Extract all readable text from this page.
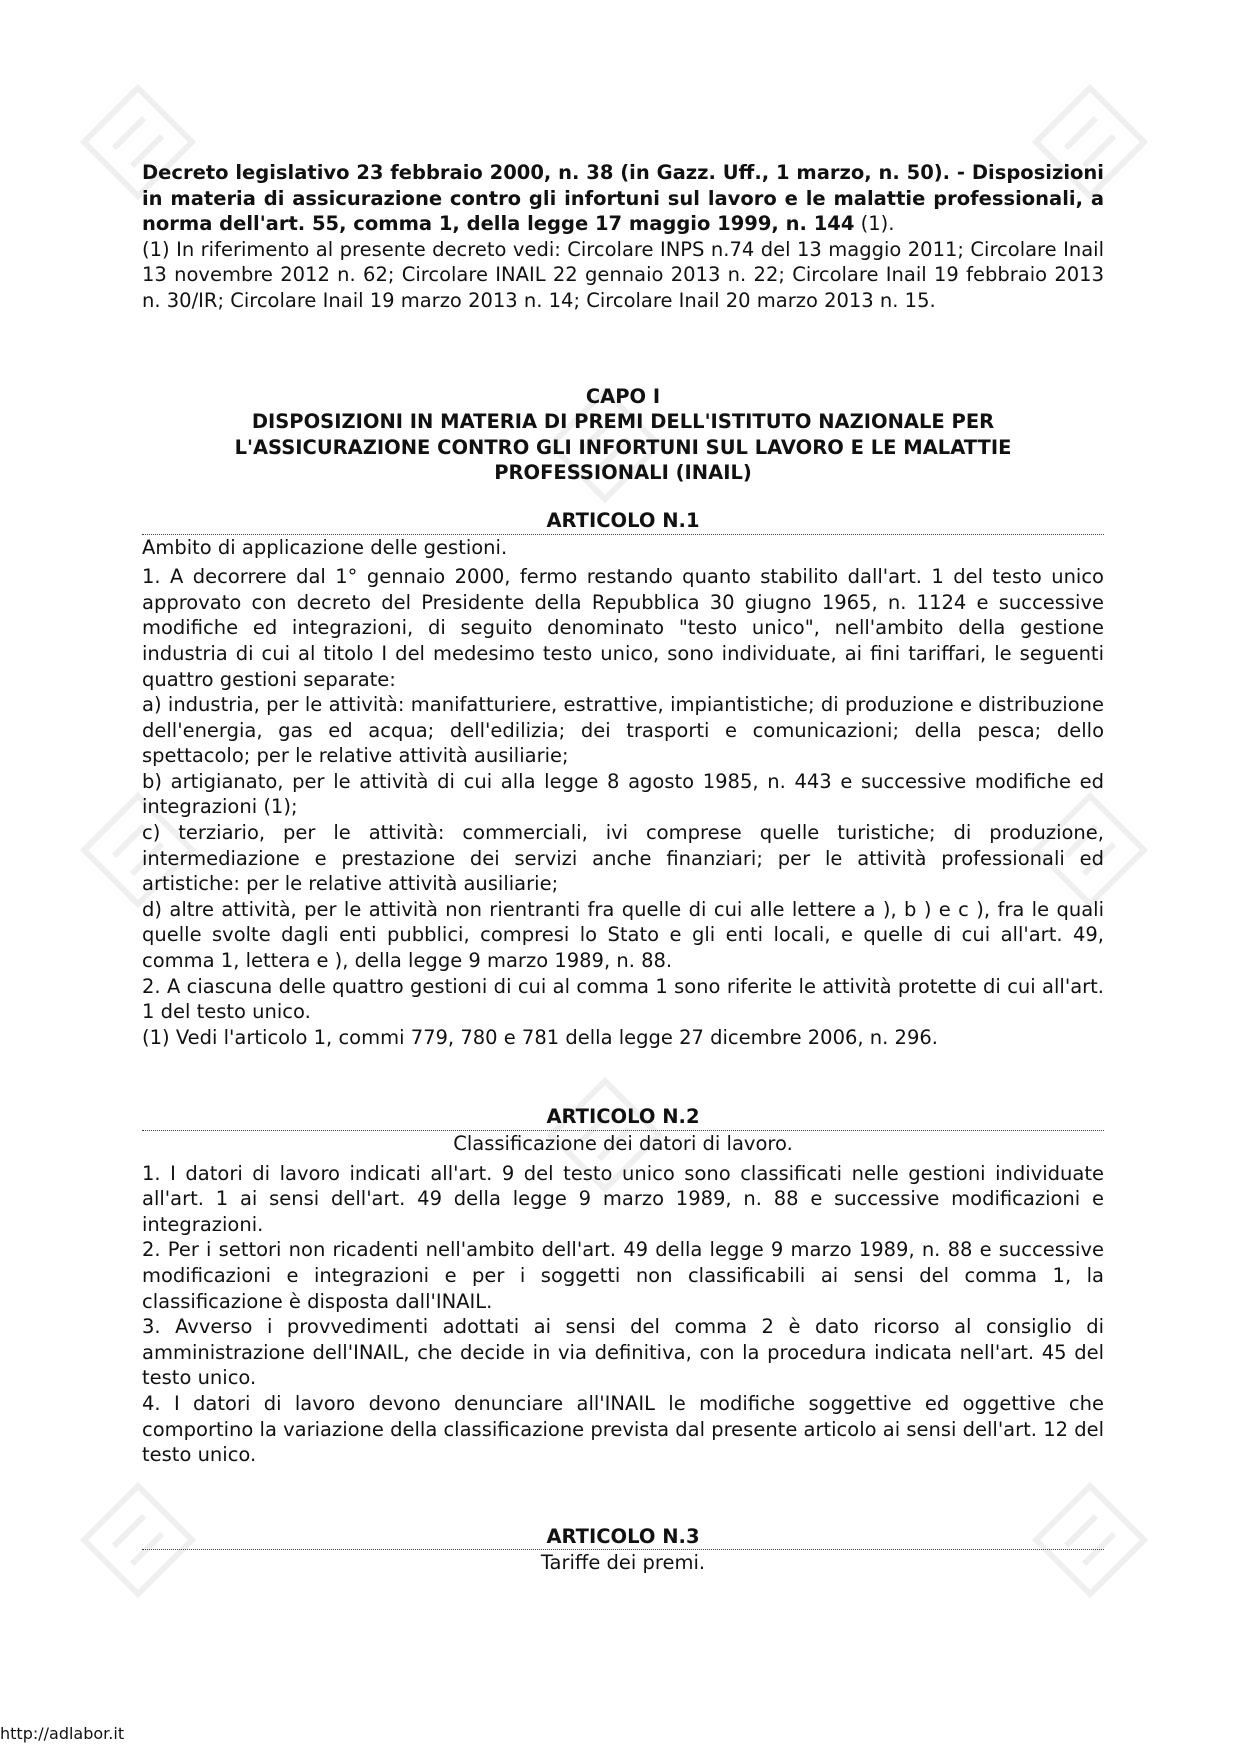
Decreto legislativo 23 febbraio 2000, n. 38 (in Gazz. Uff., 1 marzo, n. 50). - Disposizioni in materia di assicurazione contro gli infortuni sul lavoro e le malattie professionali, a norma dell'art. 55, comma 1, della legge 17 maggio 1999, n. 144 (1).

(1) In riferimento al presente decreto vedi: Circolare INPS n.74 del 13 maggio 2011; Circolare Inail 13 novembre 2012 n. 62; Circolare INAIL 22 gennaio 2013 n. 22; Circolare Inail 19 febbraio 2013 n. 30/IR; Circolare Inail 19 marzo 2013 n. 14; Circolare Inail 20 marzo 2013 n. 15.

CAPO I

DISPOSIZIONI IN MATERIA DI PREMI DELL'ISTITUTO NAZIONALE PER

L'ASSICURAZIONE CONTRO GLI INFORTUNI SUL LAVORO E LE MALATTIE

PROFESSIONALI (INAIL)

ARTICOLO N.1

Ambito di applicazione delle gestioni.

1. A decorrere dal 1° gennaio 2000, fermo restando quanto stabilito dall'art. 1 del testo unico approvato con decreto del Presidente della Repubblica 30 giugno 1965, n. 1124 e successive modifiche ed integrazioni, di seguito denominato "testo unico", nell'ambito della gestione industria di cui al titolo I del medesimo testo unico, sono individuate, ai fini tariffari, le seguenti quattro gestioni separate:

a) industria, per le attività: manifatturiere, estrattive, impiantistiche; di produzione e distribuzione dell'energia, gas ed acqua; dell'edilizia; dei trasporti e comunicazioni; della pesca; dello spettacolo; per le relative attività ausiliarie;

b) artigianato, per le attività di cui alla legge 8 agosto 1985, n. 443 e successive modifiche ed integrazioni (1);

c) terziario, per le attività: commerciali, ivi comprese quelle turistiche; di produzione, intermediazione e prestazione dei servizi anche finanziari; per le attività professionali ed artistiche: per le relative attività ausiliarie;

d) altre attività, per le attività non rientranti fra quelle di cui alle lettere a ), b ) e c ), fra le quali quelle svolte dagli enti pubblici, compresi lo Stato e gli enti locali, e quelle di cui all'art. 49, comma 1, lettera e ), della legge 9 marzo 1989, n. 88.

2. A ciascuna delle quattro gestioni di cui al comma 1 sono riferite le attività protette di cui all'art. 1 del testo unico.

(1) Vedi l'articolo 1, commi 779, 780 e 781 della legge 27 dicembre 2006, n. 296.

ARTICOLO N.2

Classificazione dei datori di lavoro.

1. I datori di lavoro indicati all'art. 9 del testo unico sono classificati nelle gestioni individuate all'art. 1 ai sensi dell'art. 49 della legge 9 marzo 1989, n. 88 e successive modificazioni e integrazioni.

2. Per i settori non ricadenti nell'ambito dell'art. 49 della legge 9 marzo 1989, n. 88 e successive modificazioni e integrazioni e per i soggetti non classificabili ai sensi del comma 1, la classificazione è disposta dall'INAIL.

3. Avverso i provvedimenti adottati ai sensi del comma 2 è dato ricorso al consiglio di amministrazione dell'INAIL, che decide in via definitiva, con la procedura indicata nell'art. 45 del testo unico.

4. I datori di lavoro devono denunciare all'INAIL le modifiche soggettive ed oggettive che comportino la variazione della classificazione prevista dal presente articolo ai sensi dell'art. 12 del testo unico.

ARTICOLO N.3

Tariffe dei premi.

http://adlabor.it
